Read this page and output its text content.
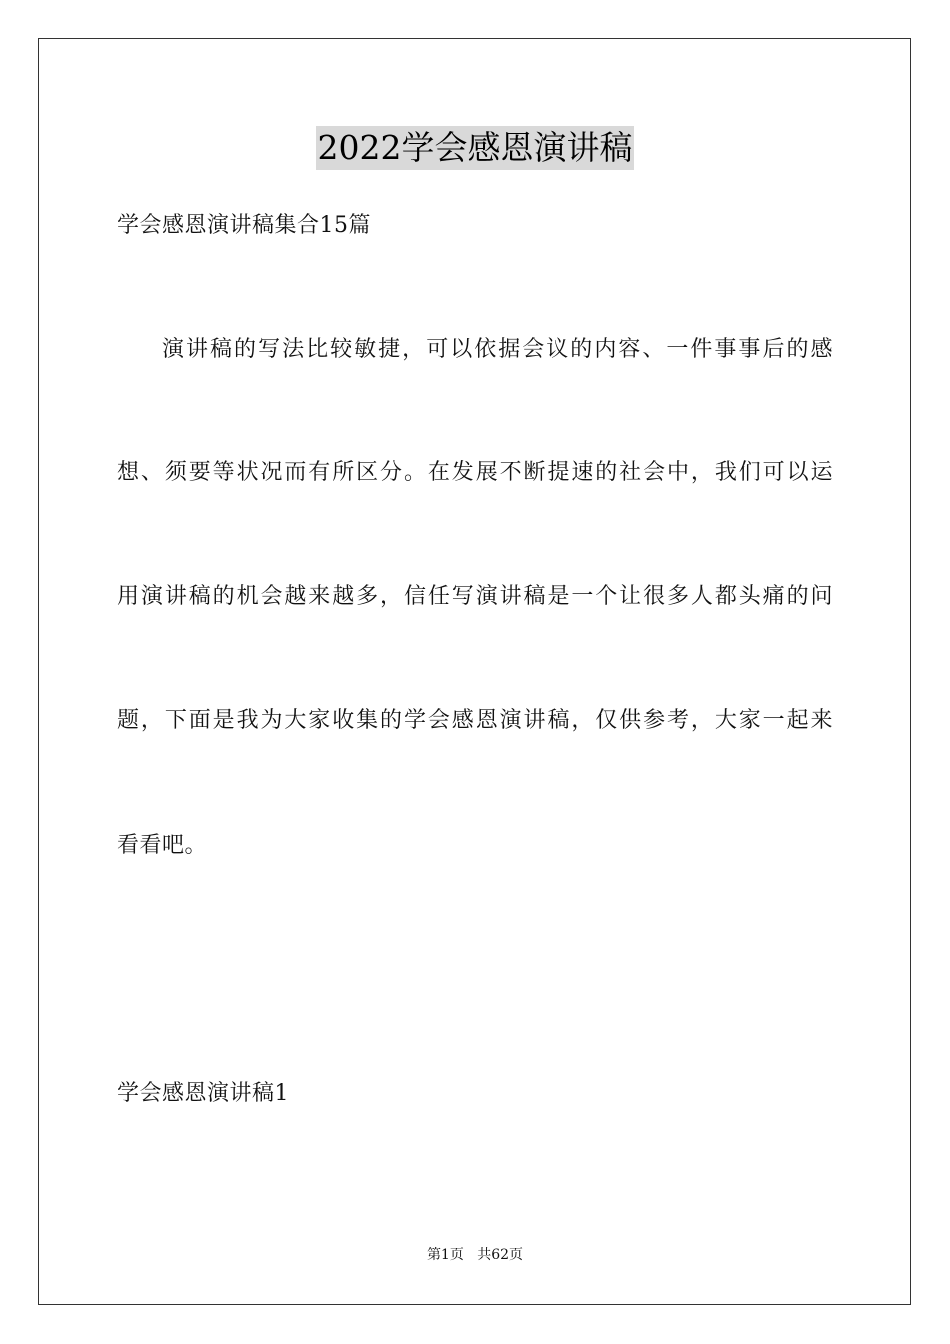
2022学会感恩演讲稿
学会感恩演讲稿集合15篇
演讲稿的写法比较敏捷，可以依据会议的内容、一件事事后的感
想、须要等状况而有所区分。在发展不断提速的社会中，我们可以运
用演讲稿的机会越来越多，信任写演讲稿是一个让很多人都头痛的问
题，下面是我为大家收集的学会感恩演讲稿，仅供参考，大家一起来
看看吧。
学会感恩演讲稿1
第1页 共62页
